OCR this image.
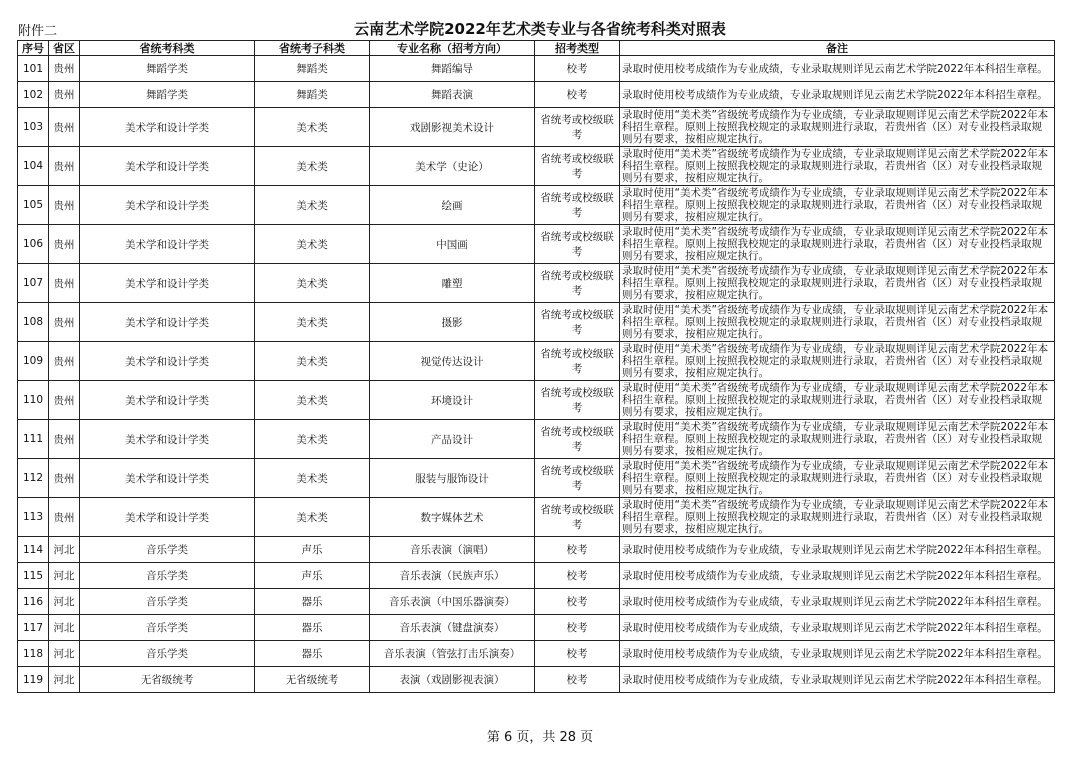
附件二	云南艺术学院2022年艺术类专业与各省统考科类对照表
序号	省区	省统考科类	省统考子科类	专业名称（招考方向）	招考类型	备注
101	贵州	舞蹈学类	舞蹈类	舞蹈编导	校考	录取时使用校考成绩作为专业成绩，专业录取规则详见云南艺术学院2022年本科招生章程。
102	贵州	舞蹈学类	舞蹈类	舞蹈表演	校考	录取时使用校考成绩作为专业成绩，专业录取规则详见云南艺术学院2022年本科招生章程。
103	贵州	美术学和设计学类	美术类	戏剧影视美术设计	省统考或校级联考	录取时使用“美术类”省级统考成绩作为专业成绩，专业录取规则详见云南艺术学院2022年本科招生章程。原则上按照我校规定的录取规则进行录取，若贵州省（区）对专业投档录取规则另有要求，按相应规定执行。
104	贵州	美术学和设计学类	美术类	美术学（史论）	省统考或校级联考	录取时使用“美术类”省级统考成绩作为专业成绩，专业录取规则详见云南艺术学院2022年本科招生章程。原则上按照我校规定的录取规则进行录取，若贵州省（区）对专业投档录取规则另有要求，按相应规定执行。
105	贵州	美术学和设计学类	美术类	绘画	省统考或校级联考	录取时使用“美术类”省级统考成绩作为专业成绩，专业录取规则详见云南艺术学院2022年本科招生章程。原则上按照我校规定的录取规则进行录取，若贵州省（区）对专业投档录取规则另有要求，按相应规定执行。
106	贵州	美术学和设计学类	美术类	中国画	省统考或校级联考	录取时使用“美术类”省级统考成绩作为专业成绩，专业录取规则详见云南艺术学院2022年本科招生章程。原则上按照我校规定的录取规则进行录取，若贵州省（区）对专业投档录取规则另有要求，按相应规定执行。
107	贵州	美术学和设计学类	美术类	雕塑	省统考或校级联考	录取时使用“美术类”省级统考成绩作为专业成绩，专业录取规则详见云南艺术学院2022年本科招生章程。原则上按照我校规定的录取规则进行录取，若贵州省（区）对专业投档录取规则另有要求，按相应规定执行。
108	贵州	美术学和设计学类	美术类	摄影	省统考或校级联考	录取时使用“美术类”省级统考成绩作为专业成绩，专业录取规则详见云南艺术学院2022年本科招生章程。原则上按照我校规定的录取规则进行录取，若贵州省（区）对专业投档录取规则另有要求，按相应规定执行。
109	贵州	美术学和设计学类	美术类	视觉传达设计	省统考或校级联考	录取时使用“美术类”省级统考成绩作为专业成绩，专业录取规则详见云南艺术学院2022年本科招生章程。原则上按照我校规定的录取规则进行录取，若贵州省（区）对专业投档录取规则另有要求，按相应规定执行。
110	贵州	美术学和设计学类	美术类	环境设计	省统考或校级联考	录取时使用“美术类”省级统考成绩作为专业成绩，专业录取规则详见云南艺术学院2022年本科招生章程。原则上按照我校规定的录取规则进行录取，若贵州省（区）对专业投档录取规则另有要求，按相应规定执行。
111	贵州	美术学和设计学类	美术类	产品设计	省统考或校级联考	录取时使用“美术类”省级统考成绩作为专业成绩，专业录取规则详见云南艺术学院2022年本科招生章程。原则上按照我校规定的录取规则进行录取，若贵州省（区）对专业投档录取规则另有要求，按相应规定执行。
112	贵州	美术学和设计学类	美术类	服装与服饰设计	省统考或校级联考	录取时使用“美术类”省级统考成绩作为专业成绩，专业录取规则详见云南艺术学院2022年本科招生章程。原则上按照我校规定的录取规则进行录取，若贵州省（区）对专业投档录取规则另有要求，按相应规定执行。
113	贵州	美术学和设计学类	美术类	数字媒体艺术	省统考或校级联考	录取时使用“美术类”省级统考成绩作为专业成绩，专业录取规则详见云南艺术学院2022年本科招生章程。原则上按照我校规定的录取规则进行录取，若贵州省（区）对专业投档录取规则另有要求，按相应规定执行。
114	河北	音乐学类	声乐	音乐表演（演唱）	校考	录取时使用校考成绩作为专业成绩，专业录取规则详见云南艺术学院2022年本科招生章程。
115	河北	音乐学类	声乐	音乐表演（民族声乐）	校考	录取时使用校考成绩作为专业成绩，专业录取规则详见云南艺术学院2022年本科招生章程。
116	河北	音乐学类	器乐	音乐表演（中国乐器演奏）	校考	录取时使用校考成绩作为专业成绩，专业录取规则详见云南艺术学院2022年本科招生章程。
117	河北	音乐学类	器乐	音乐表演（键盘演奏）	校考	录取时使用校考成绩作为专业成绩，专业录取规则详见云南艺术学院2022年本科招生章程。
118	河北	音乐学类	器乐	音乐表演（管弦打击乐演奏）	校考	录取时使用校考成绩作为专业成绩，专业录取规则详见云南艺术学院2022年本科招生章程。
119	河北	无省级统考	无省级统考	表演（戏剧影视表演）	校考	录取时使用校考成绩作为专业成绩，专业录取规则详见云南艺术学院2022年本科招生章程。
第 6 页，共 28 页
